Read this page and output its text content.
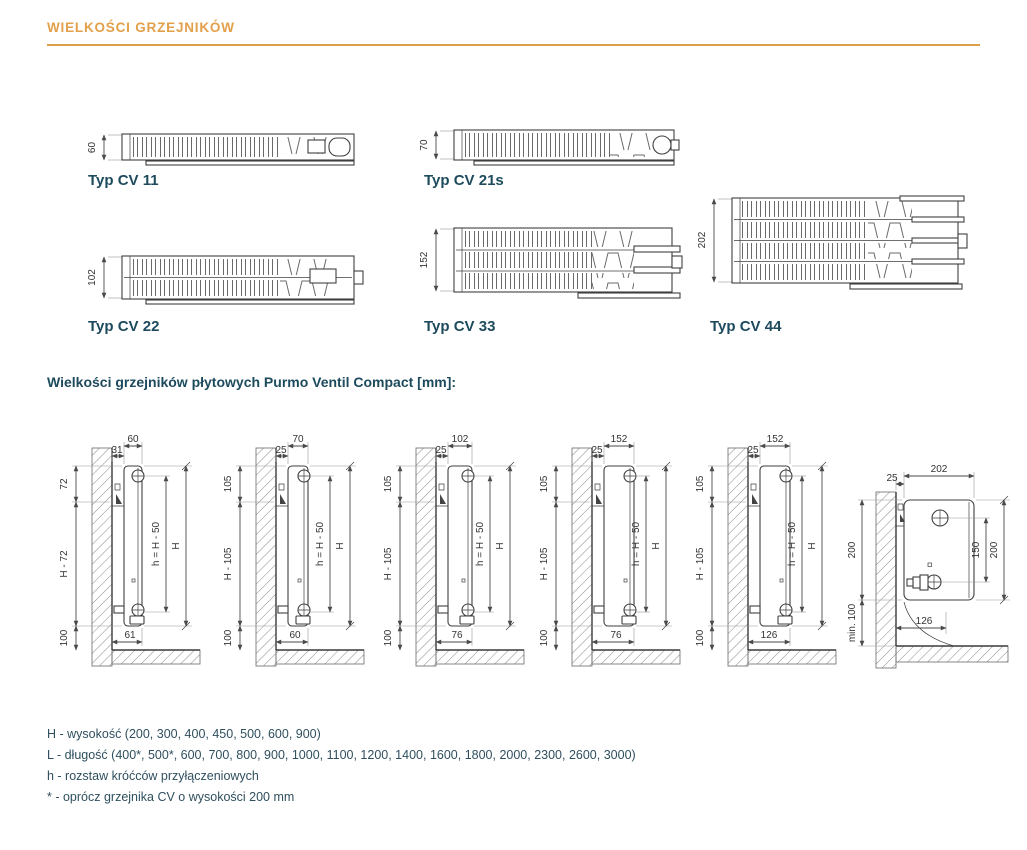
WIELKOŚCI GRZEJNIKÓW
60
Typ CV 11
70
Typ CV 21s
102
Typ CV 22
152
Typ CV 33
202
Typ CV 44
Wielkości grzejników płytowych Purmo Ventil Compact [mm]:
31
60
72
H - 72
100
h = H - 50 H
61
25
70
105
H - 105
100
h = H - 50 H
60
25
102
105
H - 105
100
h = H - 50 H
76
25
152
105
H - 105
100
h = H - 50 H
76
25
152
105
H - 105
100
h = H - 50 H
126
202
25
200
min. 100
150 200
126

H - wysokość (200, 300, 400, 450, 500, 600, 900)

L - długość (400*, 500*, 600, 700, 800, 900, 1000, 1100, 1200, 1400, 1600, 1800, 2000, 2300, 2600, 3000)

h - rozstaw króćców przyłączeniowych

* - oprócz grzejnika CV o wysokości 200 mm
